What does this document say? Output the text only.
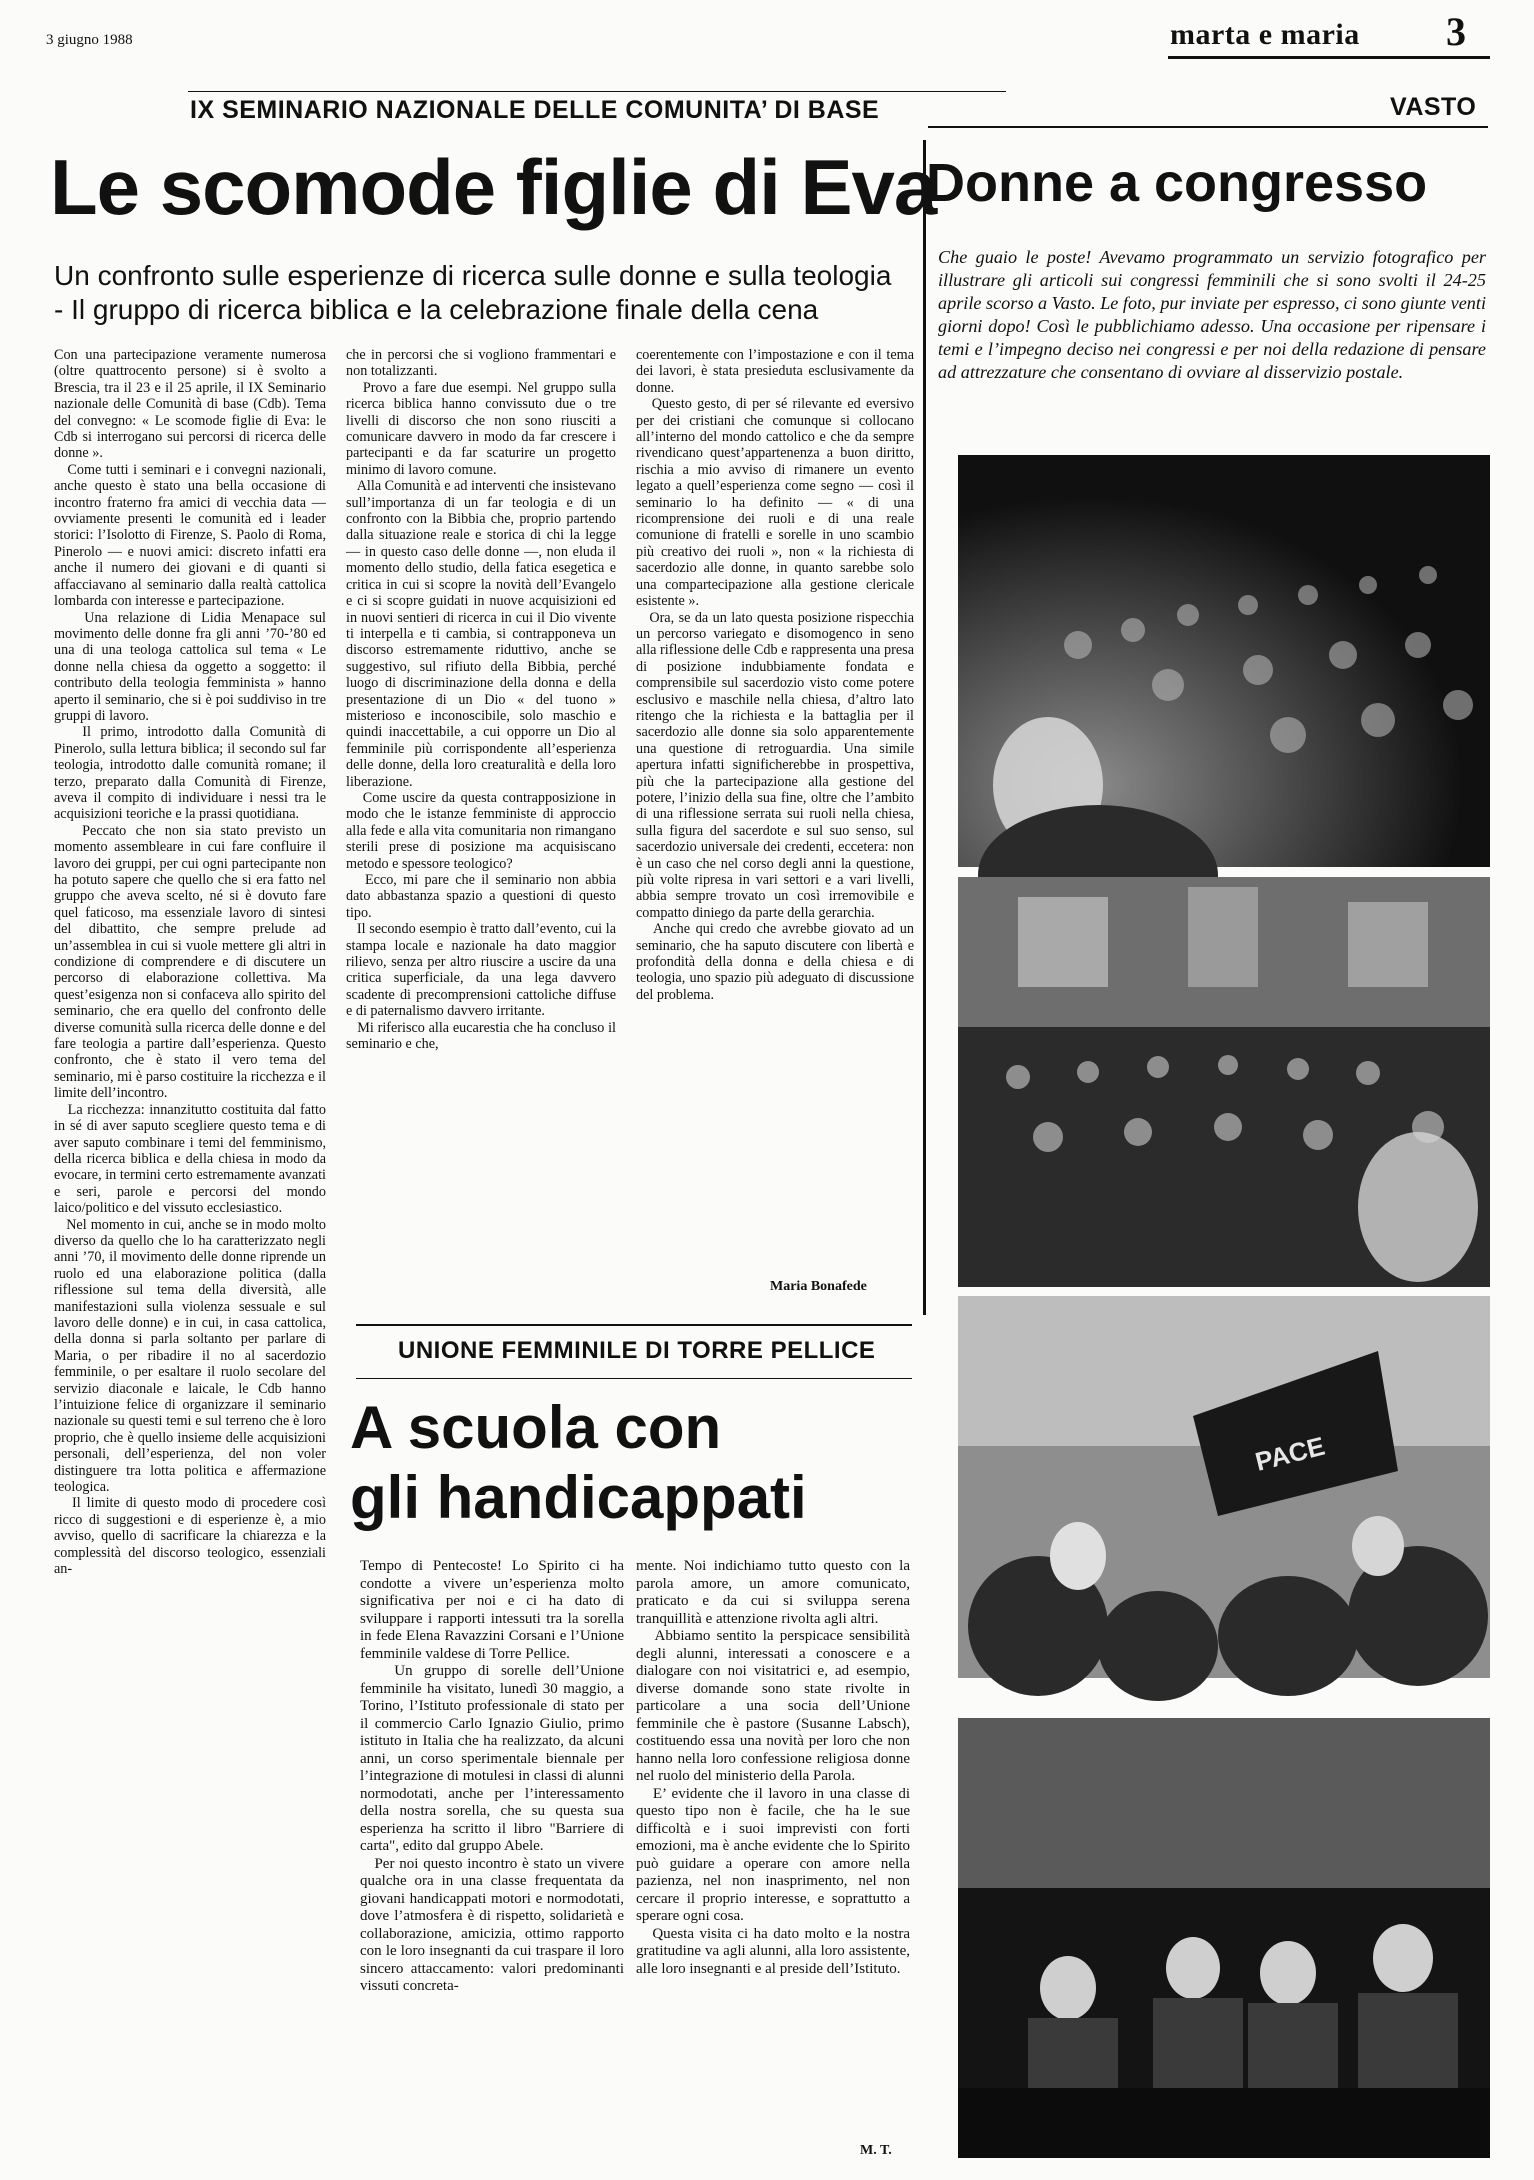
3 giugno 1988	marta e maria 3
IX SEMINARIO NAZIONALE DELLE COMUNITA’ DI BASE
Le scomode figlie di Eva
Un confronto sulle esperienze di ricerca sulle donne e sulla teologia - Il gruppo di ricerca biblica e la celebrazione finale della cena
Con una partecipazione veramente numerosa (oltre quattrocento persone) si è svolto a Brescia, tra il 23 e il 25 aprile, il IX Seminario nazionale delle Comunità di base (Cdb). Tema del convegno: « Le scomode figlie di Eva: le Cdb si interrogano sui percorsi di ricerca delle donne ».
Come tutti i seminari e i convegni nazionali, anche questo è stato una bella occasione di incontro fraterno fra amici di vecchia data — ovviamente presenti le comunità ed i leader storici: l’Isolotto di Firenze, S. Paolo di Roma, Pinerolo — e nuovi amici: discreto infatti era anche il numero dei giovani e di quanti si affacciavano al seminario dalla realtà cattolica lombarda con interesse e partecipazione.
Una relazione di Lidia Menapace sul movimento delle donne fra gli anni ’70-’80 ed una di una teologa cattolica sul tema « Le donne nella chiesa da oggetto a soggetto: il contributo della teologia femminista » hanno aperto il seminario, che si è poi suddiviso in tre gruppi di lavoro.
Il primo, introdotto dalla Comunità di Pinerolo, sulla lettura biblica; il secondo sul far teologia, introdotto dalle comunità romane; il terzo, preparato dalla Comunità di Firenze, aveva il compito di individuare i nessi tra le acquisizioni teoriche e la prassi quotidiana.
Peccato che non sia stato previsto un momento assembleare in cui fare confluire il lavoro dei gruppi, per cui ogni partecipante non ha potuto sapere che quello che si era fatto nel gruppo che aveva scelto, né si è dovuto fare quel faticoso, ma essenziale lavoro di sintesi del dibattito, che sempre prelude ad un’assemblea in cui si vuole mettere gli altri in condizione di comprendere e di discutere un percorso di elaborazione collettiva. Ma quest’esigenza non si confaceva allo spirito del seminario, che era quello del confronto delle diverse comunità sulla ricerca delle donne e del fare teologia a partire dall’esperienza. Questo confronto, che è stato il vero tema del seminario, mi è parso costituire la ricchezza e il limite dell’incontro.
La ricchezza: innanzitutto costituita dal fatto in sé di aver saputo scegliere questo tema e di aver saputo combinare i temi del femminismo, della ricerca biblica e della chiesa in modo da evocare, in termini certo estremamente avanzati e seri, parole e percorsi del mondo laico/politico e del vissuto ecclesiastico.
Nel momento in cui, anche se in modo molto diverso da quello che lo ha caratterizzato negli anni ’70, il movimento delle donne riprende un ruolo ed una elaborazione politica (dalla riflessione sul tema della diversità, alle manifestazioni sulla violenza sessuale e sul lavoro delle donne) e in cui, in casa cattolica, della donna si parla soltanto per parlare di Maria, o per ribadire il no al sacerdozio femminile, o per esaltare il ruolo secolare del servizio diaconale e laicale, le Cdb hanno l’intuizione felice di organizzare il seminario nazionale su questi temi e sul terreno che è loro proprio, che è quello insieme delle acquisizioni personali, dell’esperienza, del non voler distinguere tra lotta politica e affermazione teologica.
Il limite di questo modo di procedere così ricco di suggestioni e di esperienze è, a mio avviso, quello di sacrificare la chiarezza e la complessità del discorso teologico, essenziali an-
che in percorsi che si vogliono frammentari e non totalizzanti.
Provo a fare due esempi. Nel gruppo sulla ricerca biblica hanno convissuto due o tre livelli di discorso che non sono riusciti a comunicare davvero in modo da far crescere i partecipanti e da far scaturire un progetto minimo di lavoro comune.
Alla Comunità e ad interventi che insistevano sull’importanza di un far teologia e di un confronto con la Bibbia che, proprio partendo dalla situazione reale e storica di chi la legge — in questo caso delle donne —, non eluda il momento dello studio, della fatica esegetica e critica in cui si scopre la novità dell’Evangelo e ci si scopre guidati in nuove acquisizioni ed in nuovi sentieri di ricerca in cui il Dio vivente ti interpella e ti cambia, si contrapponeva un discorso estremamente riduttivo, anche se suggestivo, sul rifiuto della Bibbia, perché luogo di discriminazione della donna e della presentazione di un Dio « del tuono » misterioso e inconoscibile, solo maschio e quindi inaccettabile, a cui opporre un Dio al femminile più corrispondente all’esperienza delle donne, della loro creaturalità e della loro liberazione.
Come uscire da questa contrapposizione in modo che le istanze femministe di approccio alla fede e alla vita comunitaria non rimangano sterili prese di posizione ma acquisiscano metodo e spessore teologico?
Ecco, mi pare che il seminario non abbia dato abbastanza spazio a questioni di questo tipo.
Il secondo esempio è tratto dall’evento, cui la stampa locale e nazionale ha dato maggior rilievo, senza per altro riuscire a uscire da una critica superficiale, da una lega davvero scadente di precomprensioni cattoliche diffuse e di paternalismo davvero irritante.
Mi riferisco alla eucarestia che ha concluso il seminario e che,
coerentemente con l’impostazione e con il tema dei lavori, è stata presieduta esclusivamente da donne.
Questo gesto, di per sé rilevante ed eversivo per dei cristiani che comunque si collocano all’interno del mondo cattolico e che da sempre rivendicano quest’appartenenza a buon diritto, rischia a mio avviso di rimanere un evento legato a quell’esperienza come segno — così il seminario lo ha definito — « di una ricomprensione dei ruoli e di una reale comunione di fratelli e sorelle in uno scambio più creativo dei ruoli », non « la richiesta di sacerdozio alle donne, in quanto sarebbe solo una compartecipazione alla gestione clericale esistente ».
Ora, se da un lato questa posizione rispecchia un percorso variegato e disomogenco in seno alla riflessione delle Cdb e rappresenta una presa di posizione indubbiamente fondata e comprensibile sul sacerdozio visto come potere esclusivo e maschile nella chiesa, d’altro lato ritengo che la richiesta e la battaglia per il sacerdozio alle donne sia solo apparentemente una questione di retroguardia. Una simile apertura infatti significherebbe in prospettiva, più che la partecipazione alla gestione del potere, l’inizio della sua fine, oltre che l’ambito di una riflessione serrata sui ruoli nella chiesa, sulla figura del sacerdote e sul suo senso, sul sacerdozio universale dei credenti, eccetera: non è un caso che nel corso degli anni la questione, più volte ripresa in vari settori e a vari livelli, abbia sempre trovato un così irremovibile e compatto diniego da parte della gerarchia.
Anche qui credo che avrebbe giovato ad un seminario, che ha saputo discutere con libertà e profondità della donna e della chiesa e di teologia, uno spazio più adeguato di discussione del problema.
Maria Bonafede
VASTO
Donne a congresso
Che guaio le poste! Avevamo programmato un servizio fotografico per illustrare gli articoli sui congressi femminili che si sono svolti il 24-25 aprile scorso a Vasto. Le foto, pur inviate per espresso, ci sono giunte venti giorni dopo! Così le pubblichiamo adesso. Una occasione per ripensare i temi e l’impegno deciso nei congressi e per noi della redazione di pensare ad attrezzature che consentano di ovviare al disservizio postale.
PACE
UNIONE FEMMINILE DI TORRE PELLICE
A scuola con
gli handicappati
Tempo di Pentecoste! Lo Spirito ci ha condotte a vivere un’esperienza molto significativa per noi e ci ha dato di sviluppare i rapporti intessuti tra la sorella in fede Elena Ravazzini Corsani e l’Unione femminile valdese di Torre Pellice.
Un gruppo di sorelle dell’Unione femminile ha visitato, lunedì 30 maggio, a Torino, l’Istituto professionale di stato per il commercio Carlo Ignazio Giulio, primo istituto in Italia che ha realizzato, da alcuni anni, un corso sperimentale biennale per l’integrazione di motulesi in classi di alunni normodotati, anche per l’interessamento della nostra sorella, che su questa sua esperienza ha scritto il libro "Barriere di carta", edito dal gruppo Abele.
Per noi questo incontro è stato un vivere qualche ora in una classe frequentata da giovani handicappati motori e normodotati, dove l’atmosfera è di rispetto, solidarietà e collaborazione, amicizia, ottimo rapporto con le loro insegnanti da cui traspare il loro sincero attaccamento: valori predominanti vissuti concreta-
mente. Noi indichiamo tutto questo con la parola amore, un amore comunicato, praticato e da cui si sviluppa serena tranquillità e attenzione rivolta agli altri.
Abbiamo sentito la perspicace sensibilità degli alunni, interessati a conoscere e a dialogare con noi visitatrici e, ad esempio, diverse domande sono state rivolte in particolare a una socia dell’Unione femminile che è pastore (Susanne Labsch), costituendo essa una novità per loro che non hanno nella loro confessione religiosa donne nel ruolo del ministerio della Parola.
E’ evidente che il lavoro in una classe di questo tipo non è facile, che ha le sue difficoltà e i suoi imprevisti con forti emozioni, ma è anche evidente che lo Spirito può guidare a operare con amore nella pazienza, nel non inasprimento, nel non cercare il proprio interesse, e soprattutto a sperare ogni cosa.
Questa visita ci ha dato molto e la nostra gratitudine va agli alunni, alla loro assistente, alle loro insegnanti e al preside dell’Istituto.
M. T.
